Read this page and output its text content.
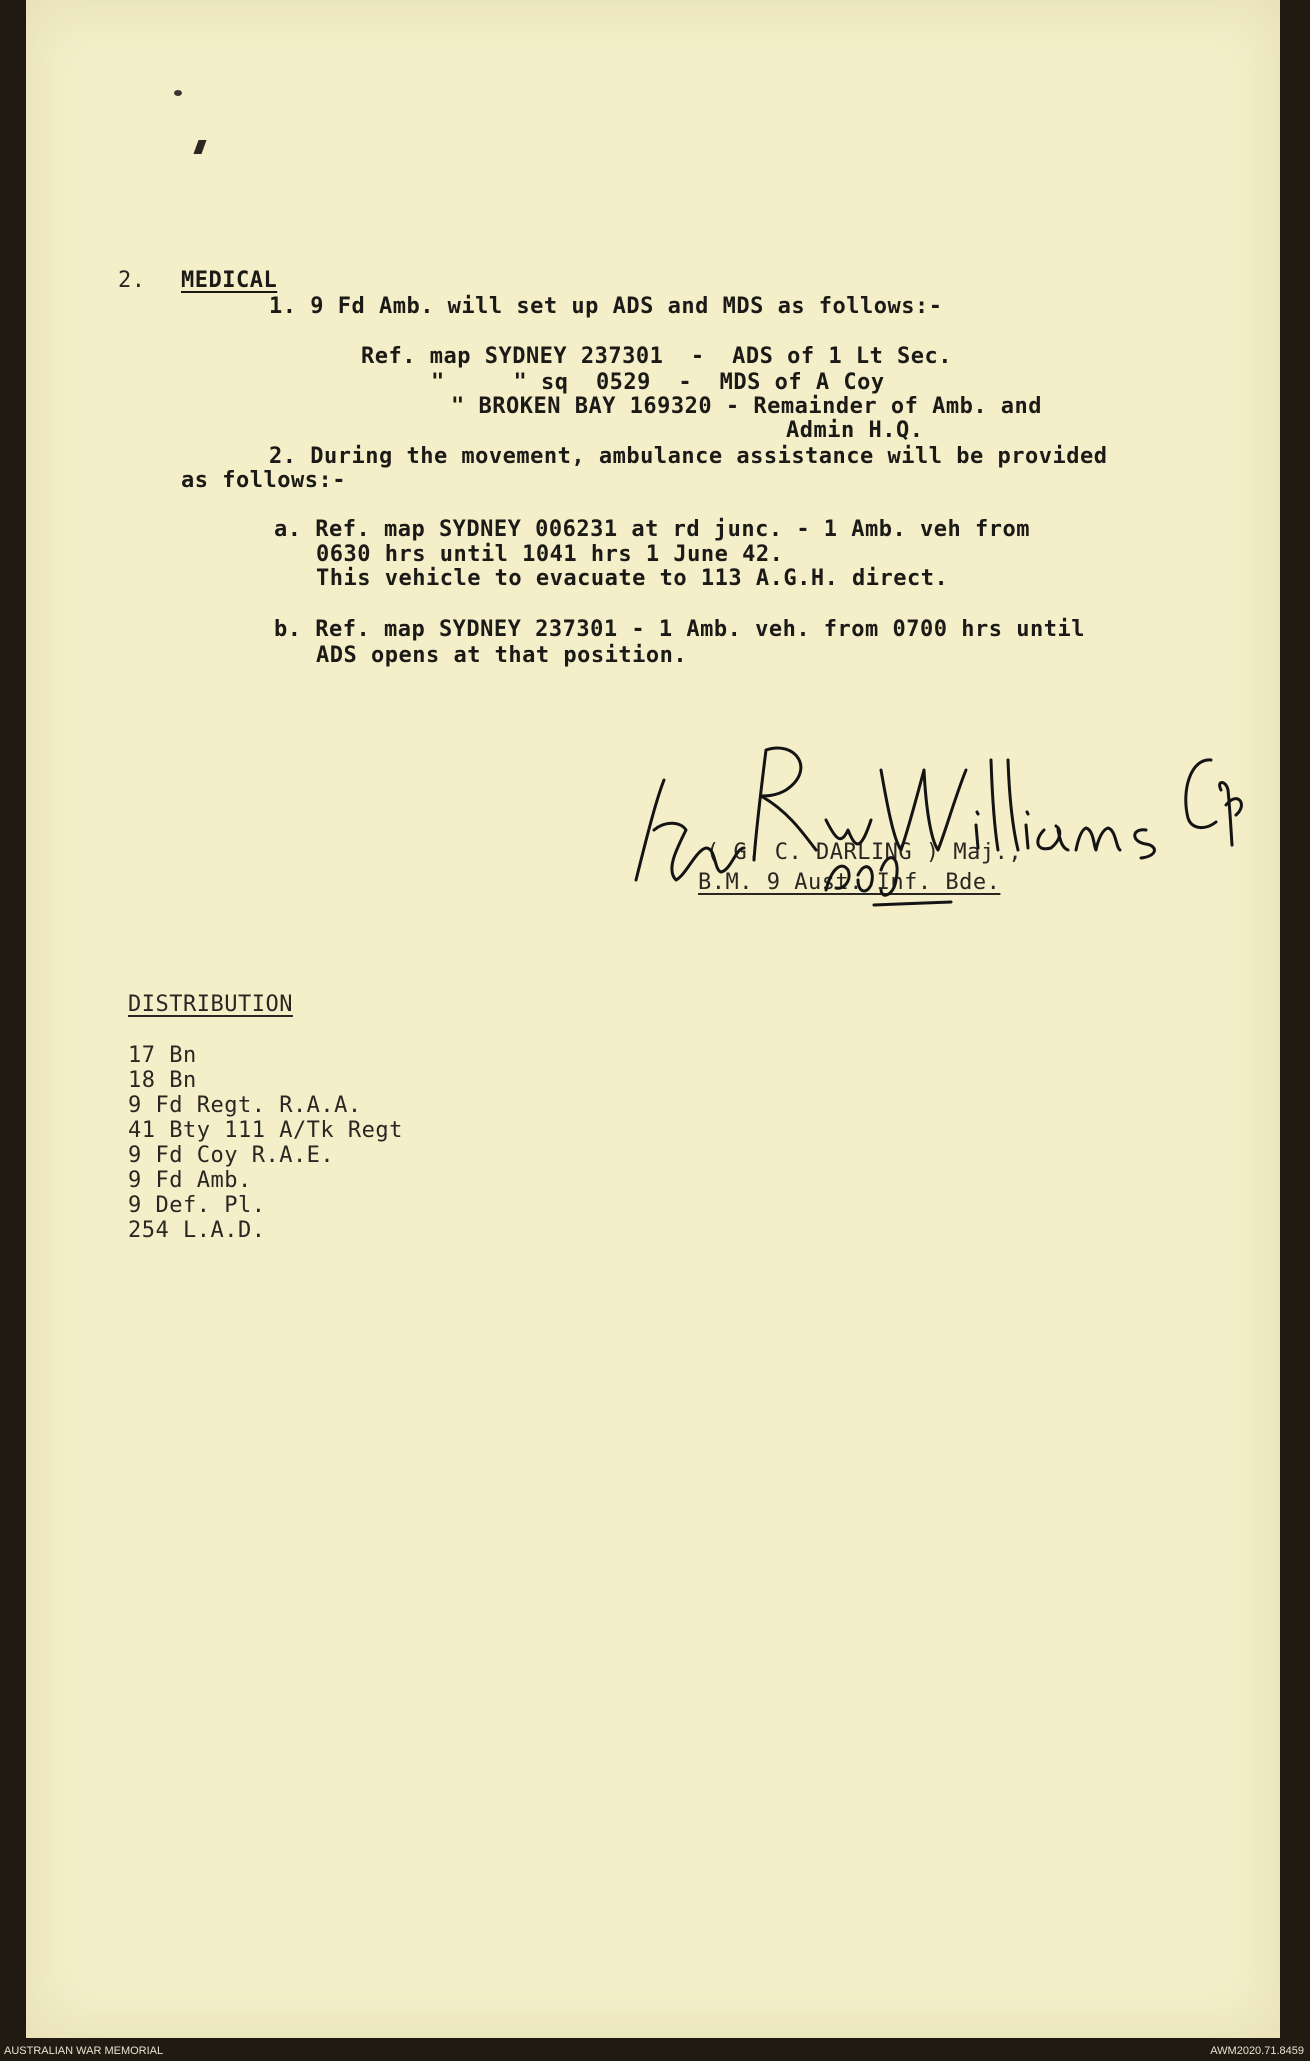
2. MEDICAL
1. 9 Fd Amb. will set up ADS and MDS as follows:-
Ref. map SYDNEY 237301  -  ADS of 1 Lt Sec.
"     " sq  0529  -  MDS of A Coy
" BROKEN BAY 169320 - Remainder of Amb. and
Admin H.Q.
2. During the movement, ambulance assistance will be provided
as follows:-
a. Ref. map SYDNEY 006231 at rd junc. - 1 Amb. veh from
0630 hrs until 1041 hrs 1 June 42.
This vehicle to evacuate to 113 A.G.H. direct.
b. Ref. map SYDNEY 237301 - 1 Amb. veh. from 0700 hrs until
ADS opens at that position.
( G. C. DARLING ) Maj.,
B.M. 9 Aust. Inf. Bde.
DISTRIBUTION
17 Bn
18 Bn
9 Fd Regt. R.A.A.
41 Bty 111 A/Tk Regt
9 Fd Coy R.A.E.
9 Fd Amb.
9 Def. Pl.
254 L.A.D.
AUSTRALIAN WAR MEMORIAL	AWM2020.71.8459
